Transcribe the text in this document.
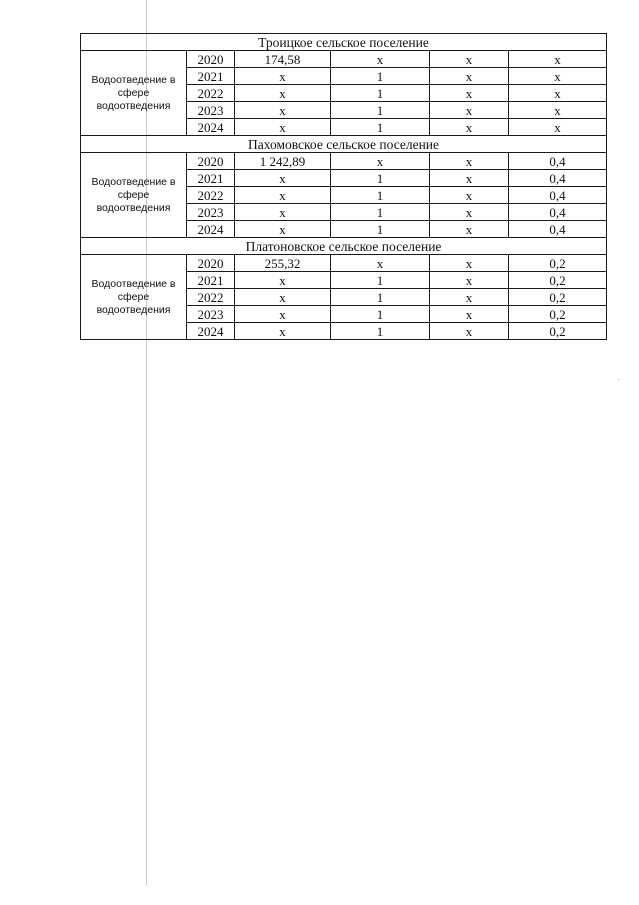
Троицкое сельское поселение					
Водоотведение в сфере водоотведения	2020	174,58	х	х	х
	2021	х	1	х	х
	2022	х	1	х	х
	2023	х	1	х	х
	2024	х	1	х	х
Пахомовское сельское поселение					
Водоотведение в сфере водоотведения	2020	1 242,89	х	х	0,4
	2021	х	1	х	0,4
	2022	х	1	х	0,4
	2023	х	1	х	0,4
	2024	х	1	х	0,4
Платоновское сельское поселение					
Водоотведение в сфере водоотведения	2020	255,32	х	х	0,2
	2021	х	1	х	0,2
	2022	х	1	х	0,2
	2023	х	1	х	0,2
	2024	х	1	х	0,2
